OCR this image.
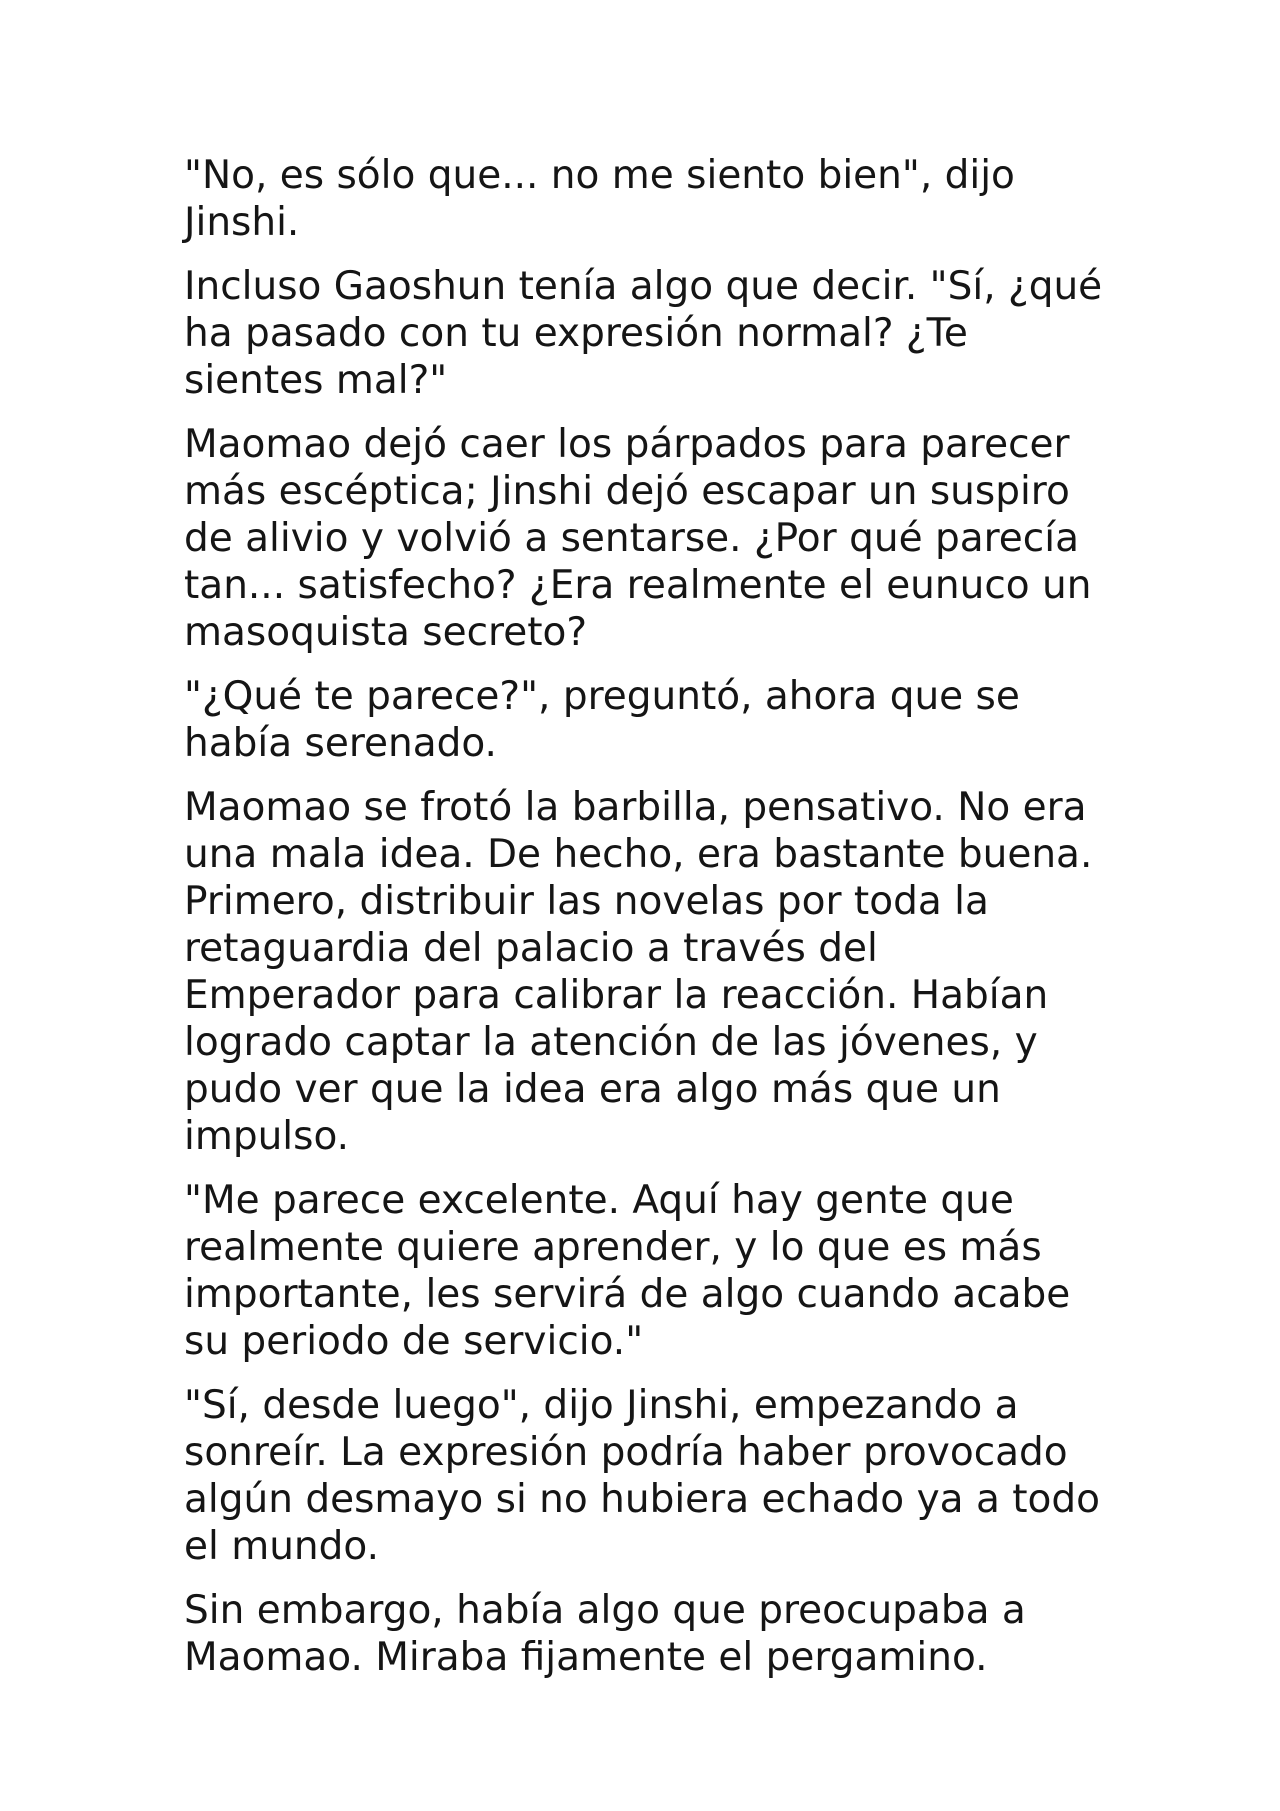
"No, es sólo que... no me siento bien", dijo Jinshi.

Incluso Gaoshun tenía algo que decir. "Sí, ¿qué ha pasado con tu expresión normal? ¿Te sientes mal?"

Maomao dejó caer los párpados para parecer más escéptica; Jinshi dejó escapar un suspiro de alivio y volvió a sentarse. ¿Por qué parecía tan... satisfecho? ¿Era realmente el eunuco un masoquista secreto?

"¿Qué te parece?", preguntó, ahora que se había serenado.

Maomao se frotó la barbilla, pensativo. No era una mala idea. De hecho, era bastante buena. Primero, distribuir las novelas por toda la retaguardia del palacio a través del Emperador para calibrar la reacción. Habían logrado captar la atención de las jóvenes, y pudo ver que la idea era algo más que un impulso.

"Me parece excelente. Aquí hay gente que realmente quiere aprender, y lo que es más importante, les servirá de algo cuando acabe su periodo de servicio."

"Sí, desde luego", dijo Jinshi, empezando a sonreír. La expresión podría haber provocado algún desmayo si no hubiera echado ya a todo el mundo.

Sin embargo, había algo que preocupaba a Maomao. Miraba fijamente el pergamino.
